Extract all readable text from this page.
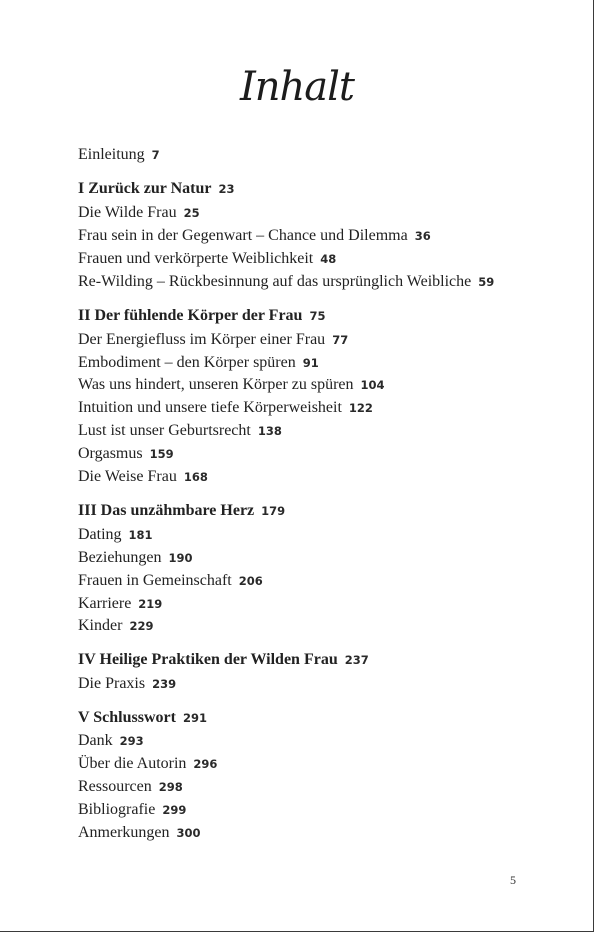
Inhalt
Einleitung 7
I Zurück zur Natur 23
Die Wilde Frau 25
Frau sein in der Gegenwart – Chance und Dilemma 36
Frauen und verkörperte Weiblichkeit 48
Re-Wilding – Rückbesinnung auf das ursprünglich Weibliche 59
II Der fühlende Körper der Frau 75
Der Energiefluss im Körper einer Frau 77
Embodiment – den Körper spüren 91
Was uns hindert, unseren Körper zu spüren 104
Intuition und unsere tiefe Körperweisheit 122
Lust ist unser Geburtsrecht 138
Orgasmus 159
Die Weise Frau 168
III Das unzähmbare Herz 179
Dating 181
Beziehungen 190
Frauen in Gemeinschaft 206
Karriere 219
Kinder 229
IV Heilige Praktiken der Wilden Frau 237
Die Praxis 239
V Schlusswort 291
Dank 293
Über die Autorin 296
Ressourcen 298
Bibliografie 299
Anmerkungen 300
5
